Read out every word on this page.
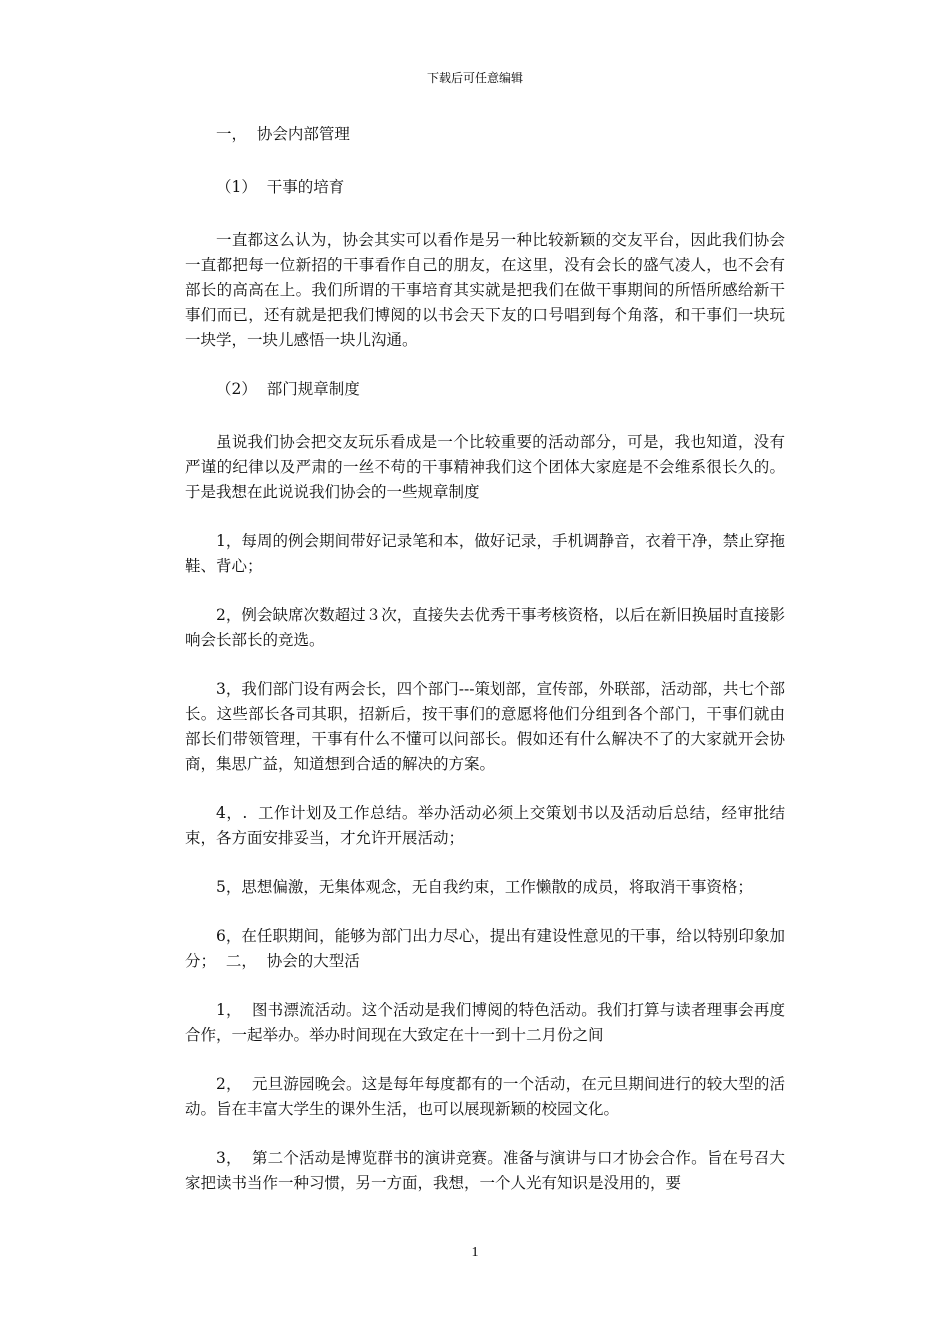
下载后可任意编辑

一，  协会内部管理

（1）  干事的培育

一直都这么认为，协会其实可以看作是另一种比较新颖的交友平台，因此我们协会一直都把每一位新招的干事看作自己的朋友，在这里，没有会长的盛气凌人，也不会有部长的高高在上。我们所谓的干事培育其实就是把我们在做干事期间的所悟所感给新干事们而已，还有就是把我们博阅的以书会天下友的口号唱到每个角落，和干事们一块玩一块学，一块儿感悟一块儿沟通。

（2）  部门规章制度

虽说我们协会把交友玩乐看成是一个比较重要的活动部分，可是，我也知道，没有严谨的纪律以及严肃的一丝不苟的干事精神我们这个团体大家庭是不会维系很长久的。于是我想在此说说我们协会的一些规章制度

1，每周的例会期间带好记录笔和本，做好记录，手机调静音，衣着干净，禁止穿拖鞋、背心；

2，例会缺席次数超过３次，直接失去优秀干事考核资格，以后在新旧换届时直接影响会长部长的竞选。

3，我们部门设有两会长，四个部门---策划部，宣传部，外联部，活动部，共七个部长。这些部长各司其职，招新后，按干事们的意愿将他们分组到各个部门，干事们就由部长们带领管理，干事有什么不懂可以问部长。假如还有什么解决不了的大家就开会协商，集思广益，知道想到合适的解决的方案。

4，.  工作计划及工作总结。举办活动必须上交策划书以及活动后总结，经审批结束，各方面安排妥当，才允许开展活动；

5，思想偏激，无集体观念，无自我约束，工作懒散的成员，将取消干事资格；

6，在任职期间，能够为部门出力尽心，提出有建设性意见的干事，给以特别印象加分；  二，  协会的大型活

1，  图书漂流活动。这个活动是我们博阅的特色活动。我们打算与读者理事会再度合作，一起举办。举办时间现在大致定在十一到十二月份之间

2，  元旦游园晚会。这是每年每度都有的一个活动，在元旦期间进行的较大型的活动。旨在丰富大学生的课外生活，也可以展现新颖的校园文化。

3，  第二个活动是博览群书的演讲竞赛。准备与演讲与口才协会合作。旨在号召大家把读书当作一种习惯，另一方面，我想，一个人光有知识是没用的，要

1
